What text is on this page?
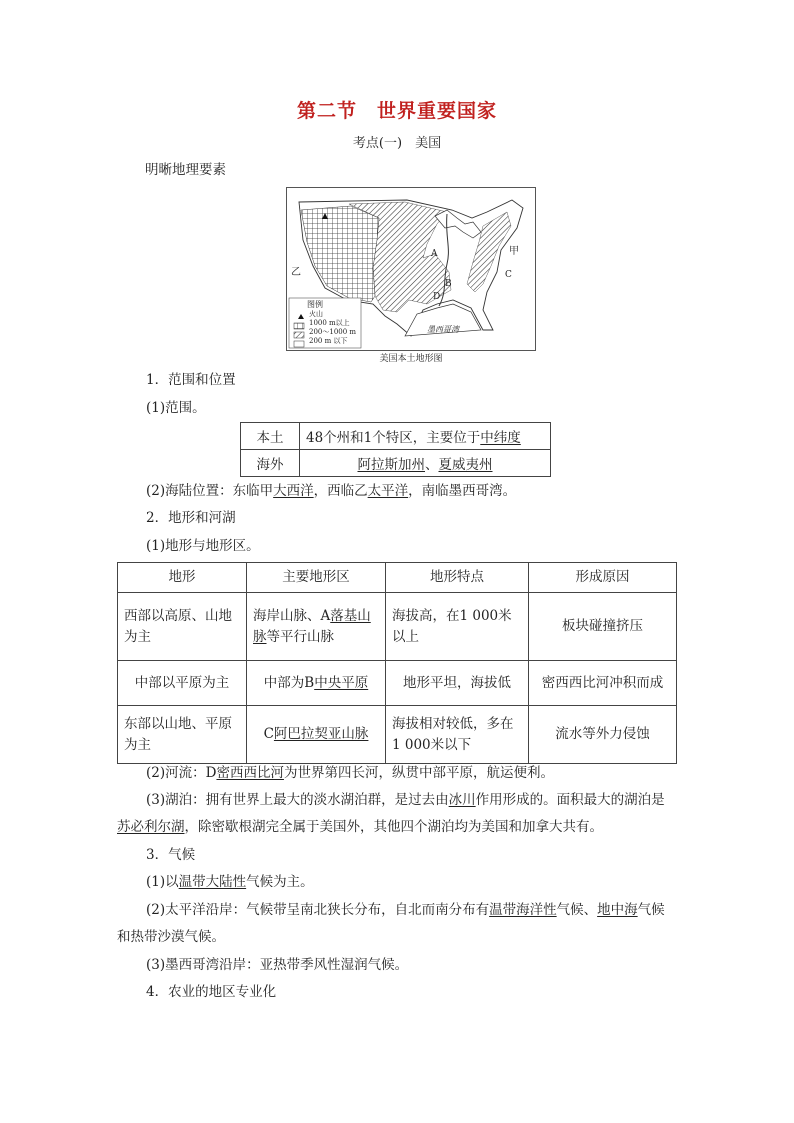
第二节　世界重要国家
考点(一)　美国
明晰地理要素
乙
甲
A
B
C
D
墨西哥湾
图例
火山
1000 m以上
200～1000 m
200 m 以下
美国本土地形图
1．范围和位置
(1)范围。
本土	48个州和1个特区，主要位于中纬度
海外	阿拉斯加州、夏威夷州
(2)海陆位置：东临甲大西洋，西临乙太平洋，南临墨西哥湾。
2．地形和河湖
(1)地形与地形区。
地形	主要地形区	地形特点	形成原因
西部以高原、山地为主	海岸山脉、A落基山脉等平行山脉	海拔高，在1 000米以上	板块碰撞挤压
中部以平原为主	中部为B中央平原	地形平坦，海拔低	密西西比河冲积而成
东部以山地、平原为主	C阿巴拉契亚山脉	海拔相对较低，多在1 000米以下	流水等外力侵蚀
(2)河流：D密西西比河为世界第四长河，纵贯中部平原，航运便利。
(3)湖泊：拥有世界上最大的淡水湖泊群，是过去由冰川作用形成的。面积最大的湖泊是
苏必利尔湖，除密歇根湖完全属于美国外，其他四个湖泊均为美国和加拿大共有。
3．气候
(1)以温带大陆性气候为主。
(2)太平洋沿岸：气候带呈南北狭长分布，自北而南分布有温带海洋性气候、地中海气候
和热带沙漠气候。
(3)墨西哥湾沿岸：亚热带季风性湿润气候。
4．农业的地区专业化
